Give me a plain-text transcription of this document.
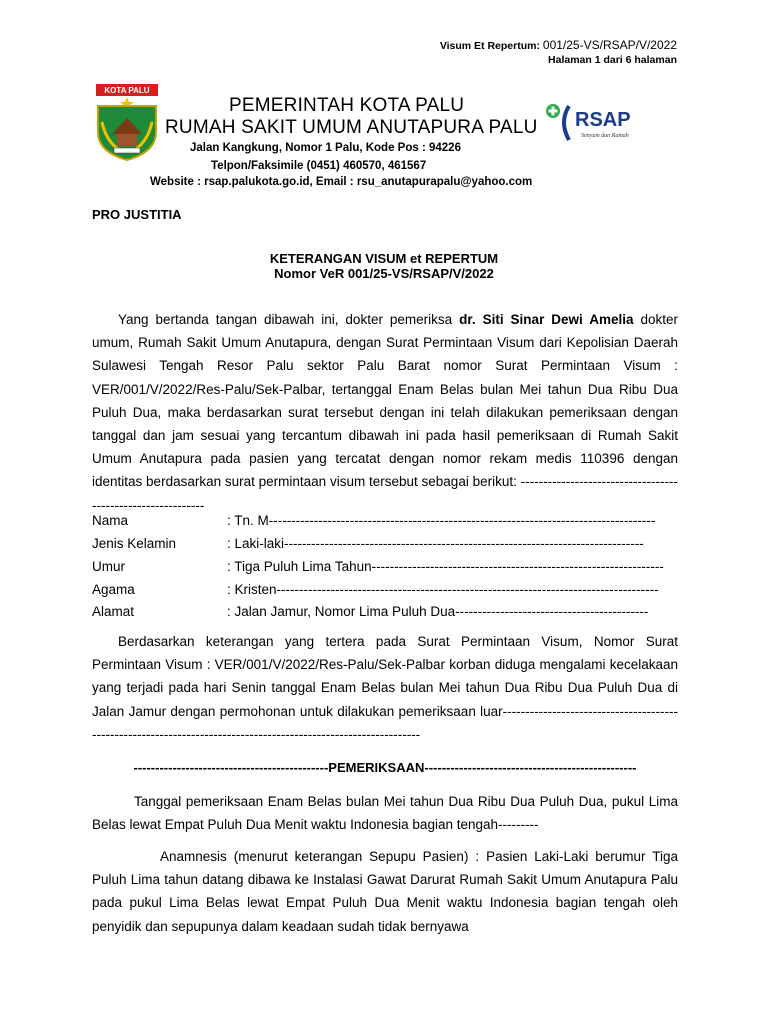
Visum Et Repertum: 001/25-VS/RSAP/V/2022
Halaman 1 dari 6 halaman
KOTA PALU
PEMERINTAH KOTA PALU
RUMAH SAKIT UMUM ANUTAPURA PALU
Jalan Kangkung, Nomor 1 Palu, Kode Pos : 94226
Telpon/Faksimile (0451) 460570, 461567
Website : rsap.palukota.go.id, Email : rsu_anutapurapalu@yahoo.com
RSAP
Senyum dan Ramah
PRO JUSTITIA
KETERANGAN VISUM et REPERTUM
Nomor VeR 001/25-VS/RSAP/V/2022

Yang bertanda tangan dibawah ini, dokter pemeriksa dr. Siti Sinar Dewi Amelia dokter umum, Rumah Sakit Umum Anutapura, dengan Surat Permintaan Visum dari Kepolisian Daerah Sulawesi Tengah Resor Palu sektor Palu Barat nomor Surat Permintaan Visum : VER/001/V/2022/Res-Palu/Sek-Palbar, tertanggal Enam Belas bulan Mei tahun Dua Ribu Dua Puluh Dua, maka berdasarkan surat tersebut dengan ini telah dilakukan pemeriksaan dengan tanggal dan jam sesuai yang tercantum dibawah ini pada hasil pemeriksaan di Rumah Sakit Umum Anutapura pada pasien yang tercatat dengan nomor rekam medis 110396 dengan identitas berdasarkan surat permintaan visum tersebut sebagai berikut: ------------------------------------------------------------

Nama	: Tn. M--------------------------------------------------------------------------------------
Jenis Kelamin	: Laki-laki--------------------------------------------------------------------------------
Umur	: Tiga Puluh Lima Tahun-----------------------------------------------------------------
Agama	: Kristen-------------------------------------------------------------------------------------
Alamat	: Jalan Jamur, Nomor Lima Puluh Dua-------------------------------------------

Berdasarkan keterangan yang tertera pada Surat Permintaan Visum, Nomor Surat Permintaan Visum : VER/001/V/2022/Res-Palu/Sek-Palbar korban diduga mengalami kecelakaan yang terjadi pada hari Senin tanggal Enam Belas bulan Mei tahun Dua Ribu Dua Puluh Dua di Jalan Jamur dengan permohonan untuk dilakukan pemeriksaan luar----------------------------------------------------------------------------------------------------------------

---------------------------------------------PEMERIKSAAN-------------------------------------------------

Tanggal pemeriksaan Enam Belas bulan Mei tahun Dua Ribu Dua Puluh Dua, pukul Lima Belas lewat Empat Puluh Dua Menit waktu Indonesia bagian tengah---------

Anamnesis (menurut keterangan Sepupu Pasien) : Pasien Laki-Laki berumur Tiga Puluh Lima tahun datang dibawa ke Instalasi Gawat Darurat Rumah Sakit Umum Anutapura Palu pada pukul Lima Belas lewat Empat Puluh Dua Menit waktu Indonesia bagian tengah oleh penyidik dan sepupunya dalam keadaan sudah tidak bernyawa
